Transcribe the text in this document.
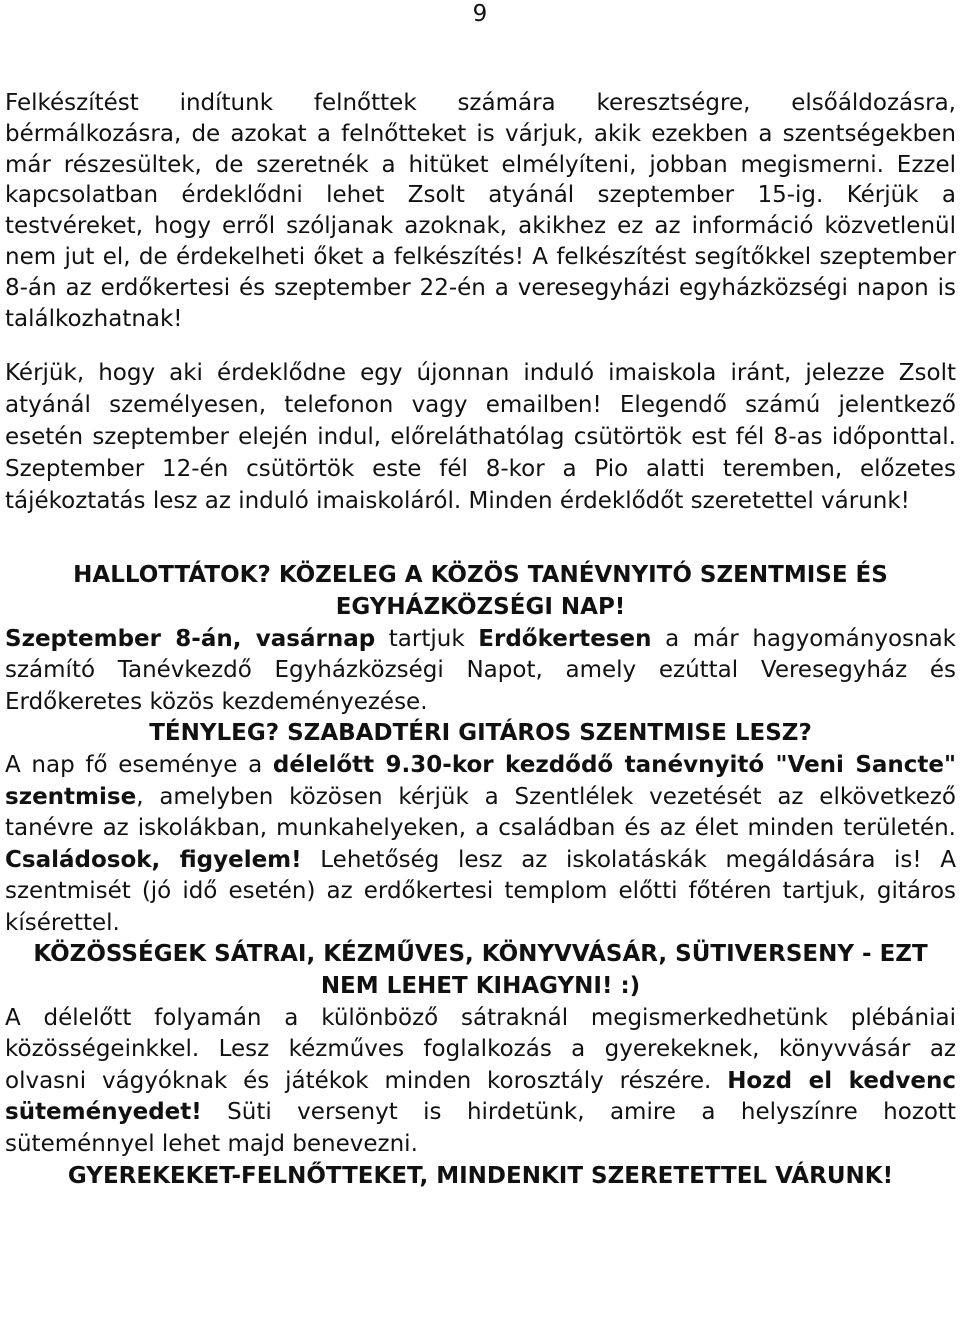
9

Felkészítést indítunk felnőttek számára keresztségre, elsőáldozásra, bérmálkozásra, de azokat a felnőtteket is várjuk, akik ezekben a szentségekben már részesültek, de szeretnék a hitüket elmélyíteni, jobban megismerni. Ezzel kapcsolatban érdeklődni lehet Zsolt atyánál szeptember 15-ig. Kérjük a testvéreket, hogy erről szóljanak azoknak, akikhez ez az információ közvetlenül nem jut el, de érdekelheti őket a felkészítés! A felkészítést segítőkkel szeptember 8-án az erdőkertesi és szeptember 22-én a veresegyházi egyházközségi napon is találkozhatnak!

Kérjük, hogy aki érdeklődne egy újonnan induló imaiskola iránt, jelezze Zsolt atyánál személyesen, telefonon vagy emailben! Elegendő számú jelentkező esetén szeptember elején indul, előreláthatólag csütörtök est fél 8-as időponttal. Szeptember 12-én csütörtök este fél 8-kor a Pio alatti teremben, előzetes tájékoztatás lesz az induló imaiskoláról. Minden érdeklődőt szeretettel várunk!

HALLOTTÁTOK? KÖZELEG A KÖZÖS TANÉVNYITÓ SZENTMISE ÉS EGYHÁZKÖZSÉGI NAP!

Szeptember 8-án, vasárnap tartjuk Erdőkertesen a már hagyományosnak számító Tanévkezdő Egyházközségi Napot, amely ezúttal Veresegyház és Erdőkeretes közös kezdeményezése.

TÉNYLEG? SZABADTÉRI GITÁROS SZENTMISE LESZ?

A nap fő eseménye a délelőtt 9.30-kor kezdődő tanévnyitó "Veni Sancte" szentmise, amelyben közösen kérjük a Szentlélek vezetését az elkövetkező tanévre az iskolákban, munkahelyeken, a családban és az élet minden területén. Családosok, figyelem! Lehetőség lesz az iskolatáskák megáldására is! A szentmisét (jó idő esetén) az erdőkertesi templom előtti főtéren tartjuk, gitáros kísérettel.

KÖZÖSSÉGEK SÁTRAI, KÉZMŰVES, KÖNYVVÁSÁR, SÜTIVERSENY - EZT NEM LEHET KIHAGYNI! :)

A délelőtt folyamán a különböző sátraknál megismerkedhetünk plébániai közösségeinkkel. Lesz kézműves foglalkozás a gyerekeknek, könyvvásár az olvasni vágyóknak és játékok minden korosztály részére. Hozd el kedvenc süteményedet! Süti versenyt is hirdetünk, amire a helyszínre hozott süteménnyel lehet majd benevezni.

GYEREKEKET-FELNŐTTEKET, MINDENKIT SZERETETTEL VÁRUNK!
